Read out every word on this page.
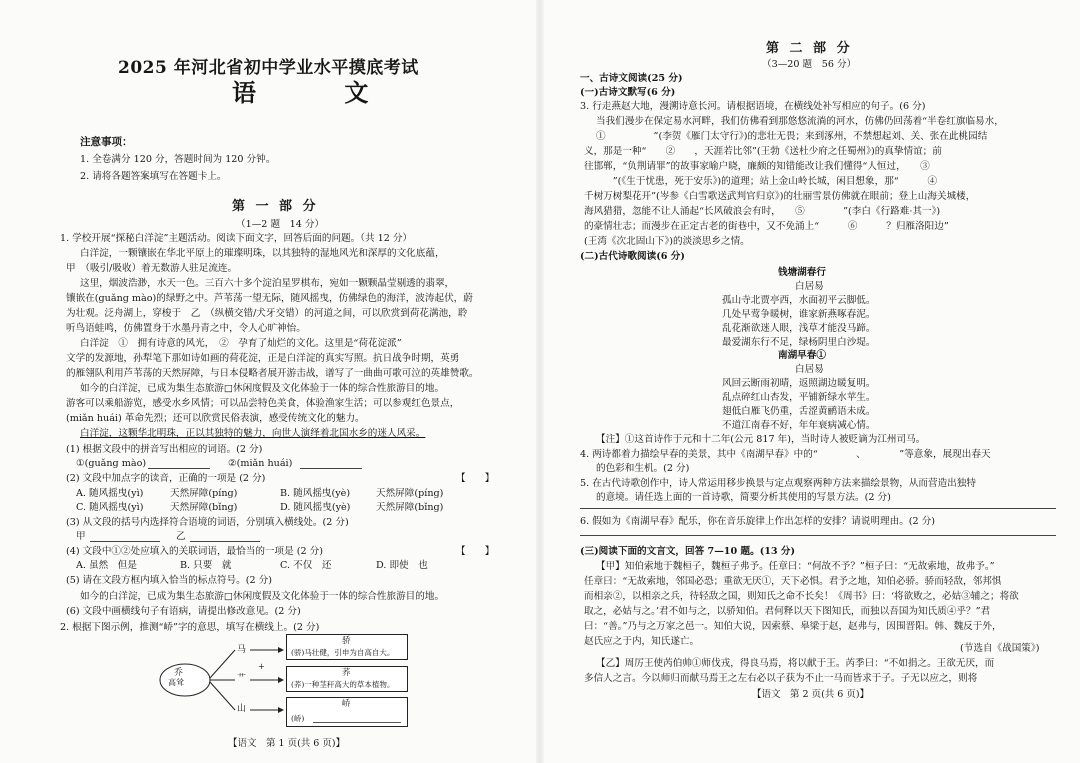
2025 年河北省初中学业水平摸底考试
语 文
注意事项：
1. 全卷满分 120 分，答题时间为 120 分钟。
2. 请将各题答案填写在答题卡上。
第 一 部 分
（1—2 题　14 分）
1. 学校开展“探秘白洋淀”主题活动。阅读下面文字，回答后面的问题。（共 12 分）
白洋淀，一颗镶嵌在华北平原上的璀璨明珠，以其独特的湿地风光和深厚的文化底蕴，
甲　（吸引/吸收）着无数游人驻足流连。
这里，烟波浩渺，水天一色。三百六十多个淀泊星罗棋布，宛如一颗颗晶莹剔透的翡翠，
镶嵌在(guǎng mào)的绿野之中。芦苇荡一望无际，随风摇曳，仿佛绿色的海洋，波涛起伏，蔚
为壮观。泛舟湖上，穿梭于　乙　（纵横交错/犬牙交错）的河道之间，可以欣赏到荷花满池，聆
听鸟语蛙鸣，仿佛置身于水墨丹青之中，令人心旷神怡。
白洋淀　①　拥有诗意的风光，　②　孕育了灿烂的文化。这里是“荷花淀派”
文学的发源地，孙犁笔下那如诗如画的荷花淀，正是白洋淀的真实写照。抗日战争时期，英勇
的雁翎队利用芦苇荡的天然屏障，与日本侵略者展开游击战，谱写了一曲曲可歌可泣的英雄赞歌。
如今的白洋淀，已成为集生态旅游□休闲度假及文化体验于一体的综合性旅游目的地。
游客可以乘船游览，感受水乡风情；可以品尝特色美食，体验渔家生活；可以参观红色景点，
(miǎn huái) 革命先烈；还可以欣赏民俗表演，感受传统文化的魅力。
白洋淀，这颗华北明珠，正以其独特的魅力，向世人演绎着北国水乡的迷人风采。
(1) 根据文段中的拼音写出相应的词语。(2 分)
①(guǎng mào)	②(miǎn huái)
(2) 文段中加点字的读音，正确的一项是 (2 分)	【　　】
A. 随风摇曳(yì)	天然屏障(píng)	B. 随风摇曳(yè)	天然屏障(píng)
C. 随风摇曳(yì)	天然屏障(bǐng)	D. 随风摇曳(yè)	天然屏障(bǐng)
(3) 从文段的括号内选择符合语境的词语，分别填入横线处。(2 分)
甲	乙
(4) 文段中①②处应填入的关联词语，最恰当的一项是 (2 分)	【　　】
A. 虽然　但是	B. 只要　就	C. 不仅　还	D. 即使　也
(5) 请在文段方框内填入恰当的标点符号。(2 分)
如今的白洋淀，已成为集生态旅游□休闲度假及文化体验于一体的综合性旅游目的地。
(6) 文段中画横线句子有语病，请提出修改意见。(2 分)
2. 根据下图示例，推测“峤”字的意思，填写在横线上。(2 分)
乔
高耸
马
艹
山
+
骄
(骄)马壮健，引申为自高自大。
荞
(荞)一种茎秆高大的草本植物。
峤
(峤)
【语文　第 1 页(共 6 页)】
第 二 部 分
（3—20 题　56 分）
一、古诗文阅读(25 分)
(一)古诗文默写(6 分)
3. 行走燕赵大地，漫溯诗意长河。请根据语境，在横线处补写相应的句子。(6 分)
当我们漫步在保定易水河畔，我们仿佛看到那悠悠流淌的河水，仿佛仍回荡着“半卷红旗临易水，
①　　　　　”(李贺《雁门太守行》)的悲壮无畏；来到涿州，不禁想起刘、关、张在此桃园结
义，那是一种“　　②　　，天涯若比邻”(王勃《送杜少府之任蜀州》)的真挚情谊；前
往邯郸，“负荆请罪”的故事家喻户晓，廉颇的知错能改让我们懂得“人恒过，　　③
　　　”(《生于忧患，死于安乐》)的道理；站上金山岭长城，闲目想象，那“　　　④
千树万树梨花开”(岑参《白雪歌送武判官归京》)的壮丽雪景仿佛就在眼前；登上山海关城楼，
海风猎猎，忽能不让人涌起“长风破浪会有时，　　⑤　　　　”(李白《行路难·其一》)
的豪情壮志；而漫步在正定古老的街巷中，又不免涌上“　　　⑥　　　？归雁洛阳边”
(王湾《次北固山下》)的淡淡思乡之情。
(二)古代诗歌阅读(6 分)
钱塘湖春行
白居易
孤山寺北贾亭西，水面初平云脚低。
几处早莺争暖树，谁家新燕啄春泥。
乱花渐欲迷人眼，浅草才能没马蹄。
最爱湖东行不足，绿杨阴里白沙堤。
南湖早春①
白居易
风回云断雨初晴，返照湖边暖复明。
乱点碎红山杏发，平铺新绿水苹生。
翅低白雁飞仍重，舌涩黄鹂语未成。
不道江南春不好，年年衰病减心情。
【注】①这首诗作于元和十二年(公元 817 年)，当时诗人被贬谪为江州司马。
4. 两诗都着力描绘早春的美景，其中《南湖早春》中的“　　　　、　　　　”等意象，展现出春天
的色彩和生机。(2 分)
5. 在古代诗歌创作中，诗人常运用移步换景与定点观察两种方法来描绘景物，从而营造出独特
的意境。请任选上面的一首诗歌，简要分析其使用的写景方法。(2 分)
6. 假如为《南湖早春》配乐，你在音乐旋律上作出怎样的安排？请说明理由。(2 分)
(三)阅读下面的文言文，回答 7—10 题。(13 分)
【甲】知伯索地于魏桓子，魏桓子弗予。任章曰：“何故不予？”桓子曰：“无故索地，故弗予。”
任章曰：“无故索地，邻国必恐；重欲无厌①，天下必惧。君予之地，知伯必骄。骄而轻敌，邻邦惧
而相亲②，以相亲之兵，待轻敌之国，则知氏之命不长矣！《周书》曰：‘将欲败之，必姑③辅之；将欲
取之，必姑与之。’君不如与之，以骄知伯。君何释以天下图知氏，而独以吾国为知氏质④乎？”君
曰：“善。”乃与之万家之邑一。知伯大说，因索蔡、皋梁于赵，赵弗与，因围晋阳。韩、魏反于外，
赵氏应之于内，知氏遂亡。
(节选自《战国策》)
【乙】周厉王使芮伯帅①师伐戎，得良马焉，将以献于王。芮季曰：“不如捐之。王欲无厌，而
多信人之言。今以师归而献马焉王之左右必以子获为不止一马而皆求于子。子无以应之，则将
【语文　第 2 页(共 6 页)】
